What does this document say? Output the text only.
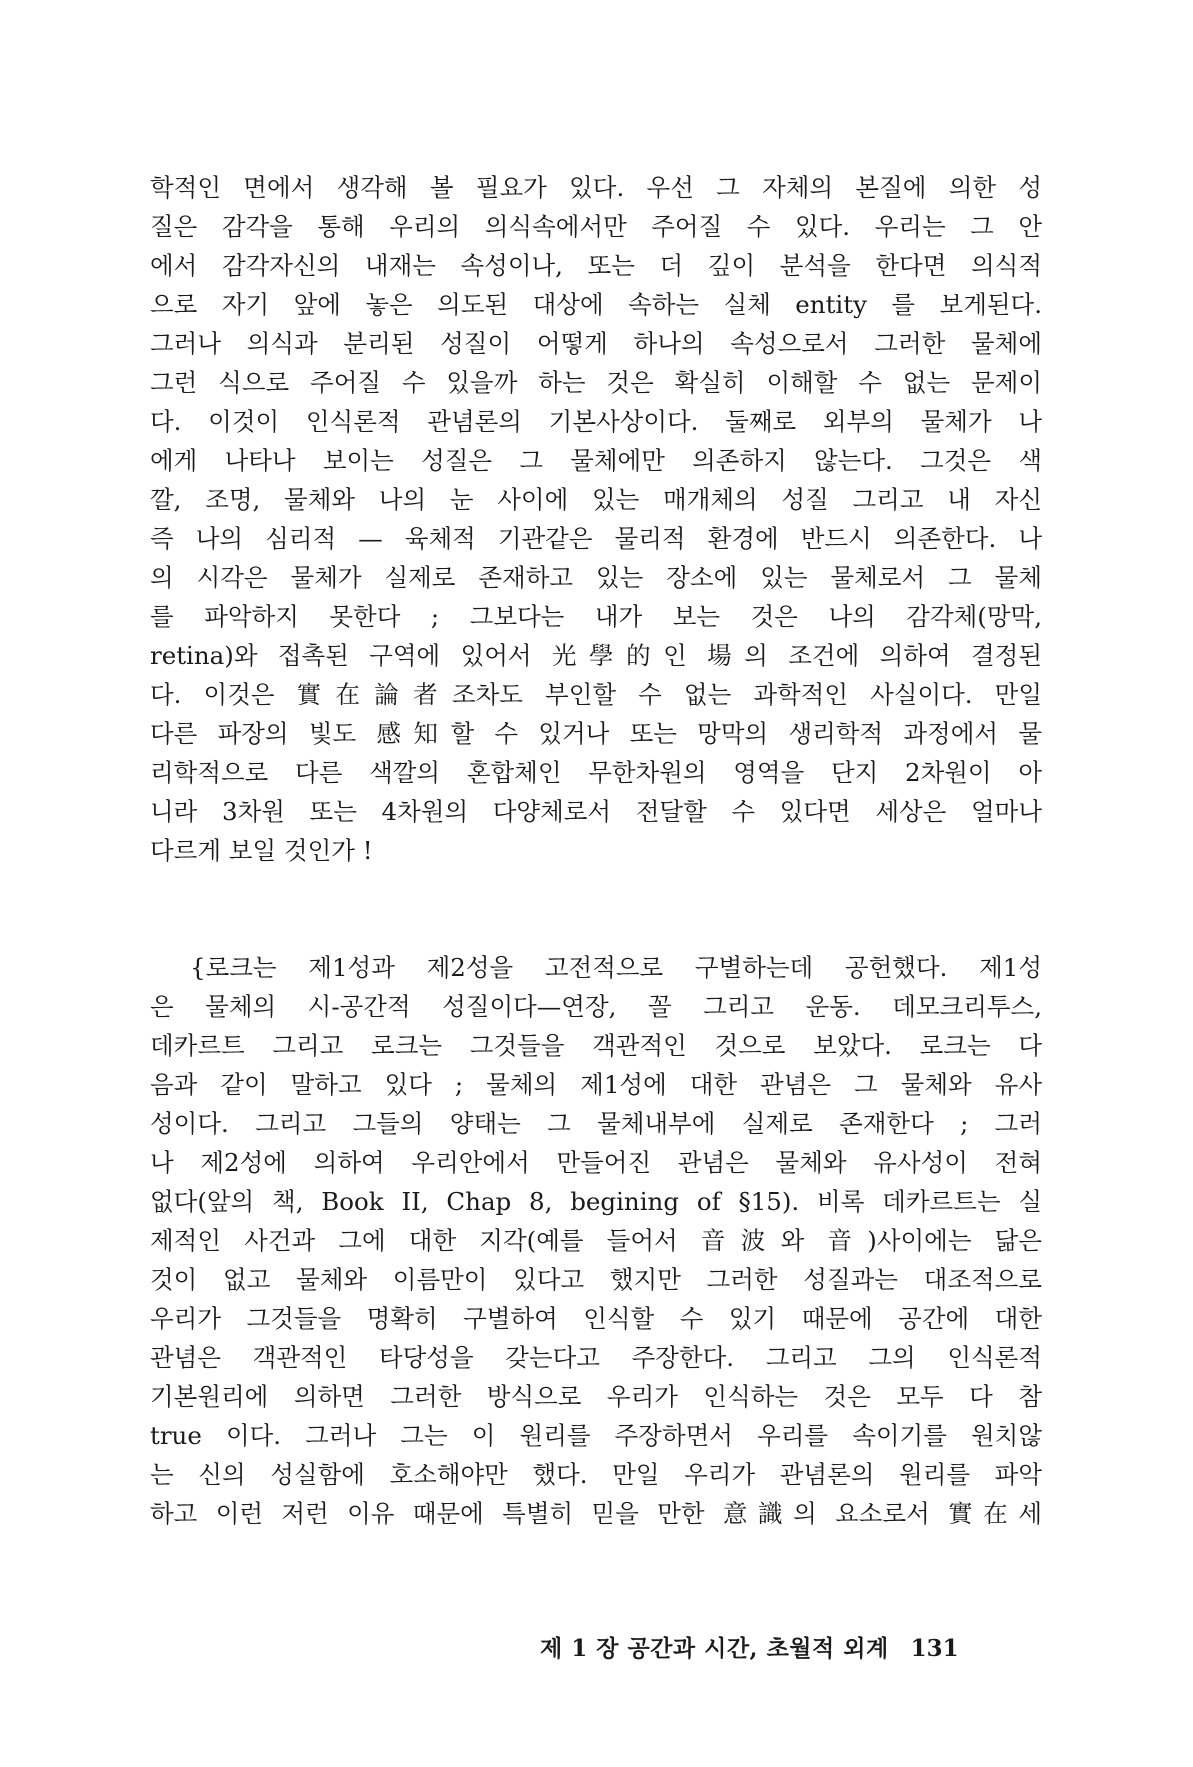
학적인 면에서 생각해 볼 필요가 있다. 우선 그 자체의 본질에 의한 성
질은 감각을 통해 우리의 의식속에서만 주어질 수 있다. 우리는 그 안
에서 감각자신의 내재는 속성이나, 또는 더 깊이 분석을 한다면 의식적
으로 자기 앞에 놓은 의도된 대상에 속하는 실체 entity 를 보게된다.
그러나 의식과 분리된 성질이 어떻게 하나의 속성으로서 그러한 물체에
그런 식으로 주어질 수 있을까 하는 것은 확실히 이해할 수 없는 문제이
다. 이것이 인식론적 관념론의 기본사상이다. 둘째로 외부의 물체가 나
에게 나타나 보이는 성질은 그 물체에만 의존하지 않는다. 그것은 색
깔, 조명, 물체와 나의 눈 사이에 있는 매개체의 성질 그리고 내 자신
즉 나의 심리적 — 육체적 기관같은 물리적 환경에 반드시 의존한다. 나
의 시각은 물체가 실제로 존재하고 있는 장소에 있는 물체로서 그 물체
를 파악하지 못한다 ; 그보다는 내가 보는 것은 나의 감각체(망막,
retina)와 접촉된 구역에 있어서 光學的인 場의 조건에 의하여 결정된
다. 이것은 實在論者조차도 부인할 수 없는 과학적인 사실이다. 만일
다른 파장의 빛도 感知할 수 있거나 또는 망막의 생리학적 과정에서 물
리학적으로 다른 색깔의 혼합체인 무한차원의 영역을 단지 2차원이 아
니라 3차원 또는 4차원의 다양체로서 전달할 수 있다면 세상은 얼마나
다르게 보일 것인가 !
{로크는 제1성과 제2성을 고전적으로 구별하는데 공헌했다. 제1성
은 물체의 시-공간적 성질이다—연장, 꼴 그리고 운동. 데모크리투스,
데카르트 그리고 로크는 그것들을 객관적인 것으로 보았다. 로크는 다
음과 같이 말하고 있다 ; 물체의 제1성에 대한 관념은 그 물체와 유사
성이다. 그리고 그들의 양태는 그 물체내부에 실제로 존재한다 ; 그러
나 제2성에 의하여 우리안에서 만들어진 관념은 물체와 유사성이 전혀
없다(앞의 책, Book II, Chap 8, begining of §15). 비록 데카르트는 실
제적인 사건과 그에 대한 지각(예를 들어서 音波와 音)사이에는 닮은
것이 없고 물체와 이름만이 있다고 했지만 그러한 성질과는 대조적으로
우리가 그것들을 명확히 구별하여 인식할 수 있기 때문에 공간에 대한
관념은 객관적인 타당성을 갖는다고 주장한다. 그리고 그의 인식론적
기본원리에 의하면 그러한 방식으로 우리가 인식하는 것은 모두 다 참
true 이다. 그러나 그는 이 원리를 주장하면서 우리를 속이기를 원치않
는 신의 성실함에 호소해야만 했다. 만일 우리가 관념론의 원리를 파악
하고 이런 저런 이유 때문에 특별히 믿을 만한 意識의 요소로서 實在세
제 1 장 공간과 시간, 초월적 외계 131
